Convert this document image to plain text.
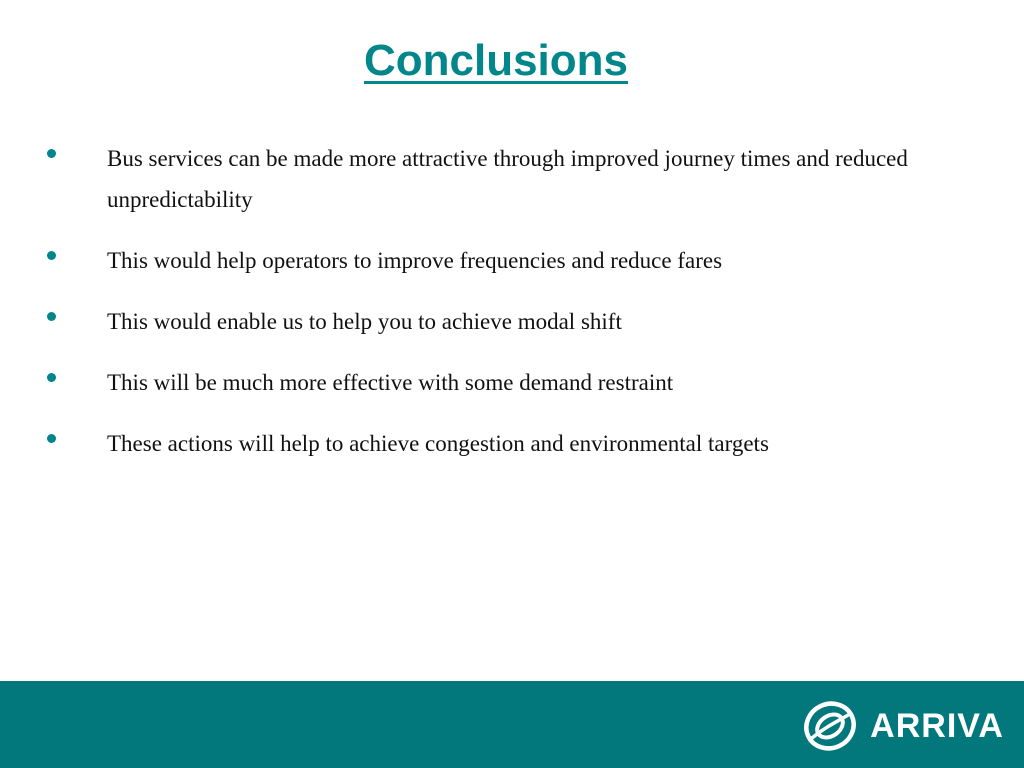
Conclusions
Bus services can be made more attractive through improved journey times and reduced unpredictability
This would help operators to improve frequencies and reduce fares
This would enable us to help you to achieve modal shift
This will be much more effective with some demand restraint
These actions will help to achieve congestion and environmental targets
ARRIVA
